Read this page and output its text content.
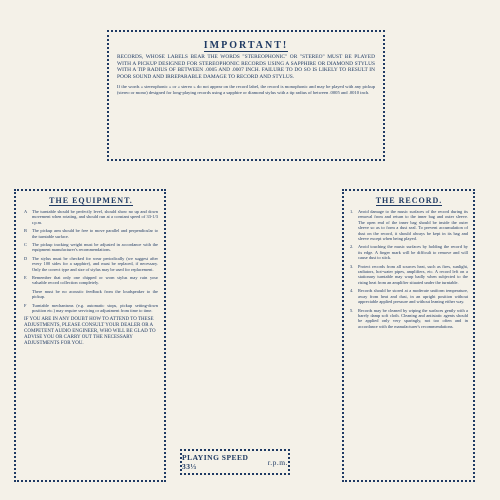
IMPORTANT!

RECORDS, WHOSE LABELS BEAR THE WORDS "STEREOPHONIC" OR "STEREO" MUST BE PLAYED WITH A PICKUP DESIGNED FOR STEREOPHONIC RECORDS USING A SAPPHIRE OR DIAMOND STYLUS WITH A TIP RADIUS OF BETWEEN .0005 AND .0007 INCH. FAILURE TO DO SO IS LIKELY TO RESULT IN POOR SOUND AND IRREPARABLE DAMAGE TO RECORD AND STYLUS.

If the words « stereophonic » or « stereo » do not appear on the record label, the record is monophonic and may be played with any pickup (stereo or mono) designed for long-playing records using a sapphire or diamond stylus with a tip radius of between .0005 and .0010 inch.

THE EQUIPMENT.
A	The turntable should be perfectly level, should show no up and down movement when rotating, and should run at a constant speed of 33-1/3 r.p.m.
B	The pickup arm should be free to move parallel and perpendicular to the turntable surface.
C	The pickup tracking weight must be adjusted in accordance with the equipment manufacturer's recommendations.
D	The stylus must be checked for wear periodically (we suggest after every 100 sides for a sapphire), and must be replaced, if necessary. Only the correct type and size of stylus may be used for replacement.
E	Remember that only one chipped or worn stylus may ruin your valuable record collection completely.
There must be no acoustic feedback from the loudspeaker to the pickup.
F	Turntable mechanisms (e.g. automatic stops, pickup setting-down position etc.) may require servicing or adjustment from time to time.

IF YOU ARE IN ANY DOUBT HOW TO ATTEND TO THESE ADJUSTMENTS, PLEASE CONSULT YOUR DEALER OR A COMPETENT AUDIO ENGINEER, WHO WILL BE GLAD TO ADVISE YOU OR CARRY OUT THE NECESSARY ADJUSTMENTS FOR YOU.

THE RECORD.
1.	Avoid damage to the music surfaces of the record during its removal from and return to the inner bag and outer sleeve. The open end of the inner bag should be inside the outer sleeve so as to form a dust seal. To prevent accumulation of dust on the record, it should always be kept in its bag and sleeve except when being played.
2.	Avoid touching the music surfaces by holding the record by its edge. A finger mark will be difficult to remove and will cause dust to stick.
3.	Protect records from all sources heat, such as fires, sunlight, radiators, hot-water pipes, amplifiers, etc. A record left on a stationary turntable may warp badly when subjected to the rising heat from an amplifier situated under the turntable.
4.	Records should be stored at a moderate uniform temperature, away from heat and dust, in an upright position without appreciable applied pressure and without leaning either way.
5.	Records may be cleaned by wiping the surfaces gently with a barely damp soft cloth. Cleaning and antistatic agents should be applied only very sparingly, not too often and in accordance with the manufacturer's recommendations.
PLAYING SPEED 33⅓	r.p.m.
